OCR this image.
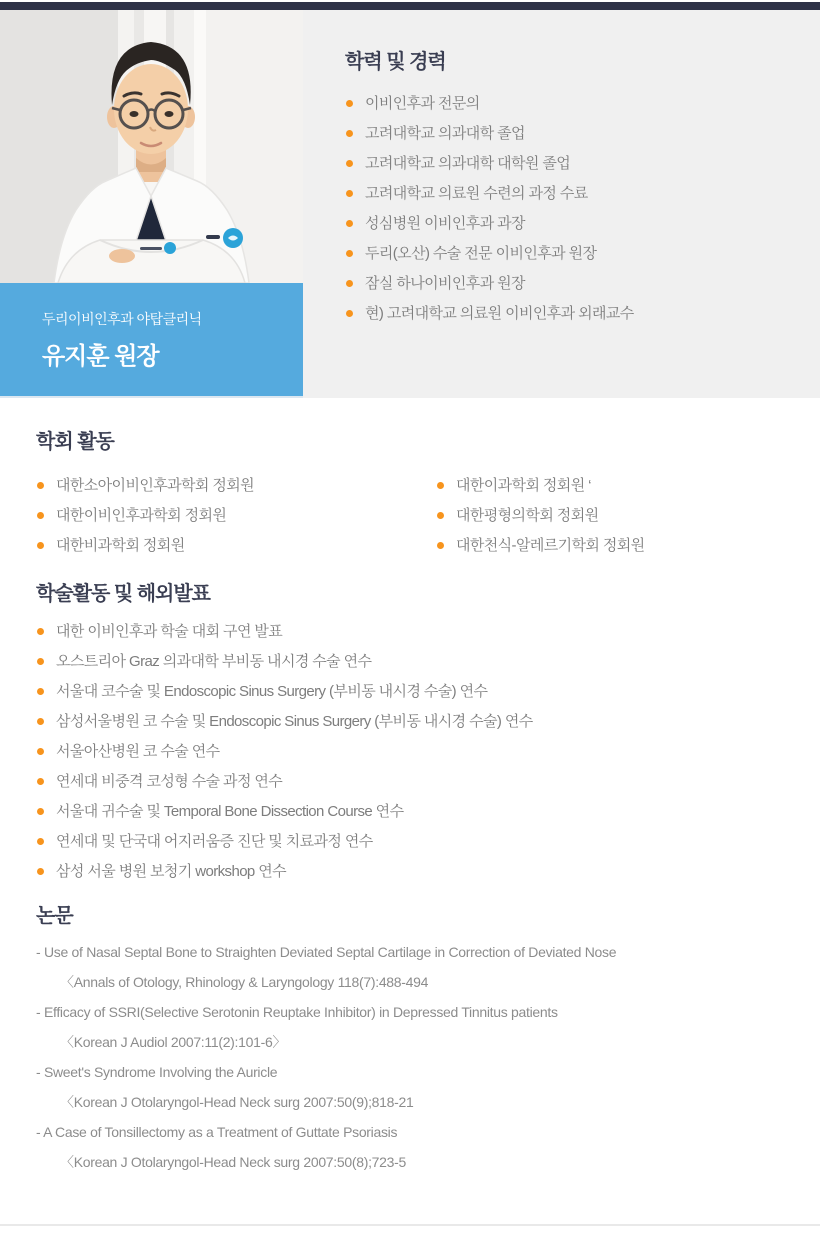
두리이비인후과 야탑클리닉
유지훈 원장
학력 및 경력
이비인후과 전문의
고려대학교 의과대학 졸업
고려대학교 의과대학 대학원 졸업
고려대학교 의료원 수련의 과정 수료
성심병원 이비인후과 과장
두리(오산) 수술 전문 이비인후과 원장
잠실 하나이비인후과 원장
현) 고려대학교 의료원 이비인후과 외래교수
학회 활동
대한소아이비인후과학회 정회원
대한이비인후과학회 정회원
대한비과학회 정회원
대한이과학회 정회원 ‘
대한평형의학회 정회원
대한천식-알레르기학회 정회원
학술활동 및 해외발표
대한 이비인후과 학술 대회 구연 발표
오스트리아 Graz 의과대학 부비동 내시경 수술 연수
서울대 코수술 및 Endoscopic Sinus Surgery (부비동 내시경 수술) 연수
삼성서울병원 코 수술 및 Endoscopic Sinus Surgery (부비동 내시경 수술) 연수
서울아산병원 코 수술 연수
연세대 비중격 코성형 수술 과정 연수
서울대 귀수술 및 Temporal Bone Dissection Course 연수
연세대 및 단국대 어지러움증 진단 및 치료과정 연수
삼성 서울 병원 보청기 workshop 연수
논문
- Use of Nasal Septal Bone to Straighten Deviated Septal Cartilage in Correction of Deviated Nose
〈Annals of Otology, Rhinology & Laryngology 118(7):488-494
- Efficacy of SSRI(Selective Serotonin Reuptake Inhibitor) in Depressed Tinnitus patients
〈Korean J Audiol 2007:11(2):101-6〉
- Sweet's Syndrome Involving the Auricle
〈Korean J Otolaryngol-Head Neck surg 2007:50(9);818-21
- A Case of Tonsillectomy as a Treatment of Guttate Psoriasis
〈Korean J Otolaryngol-Head Neck surg 2007:50(8);723-5
